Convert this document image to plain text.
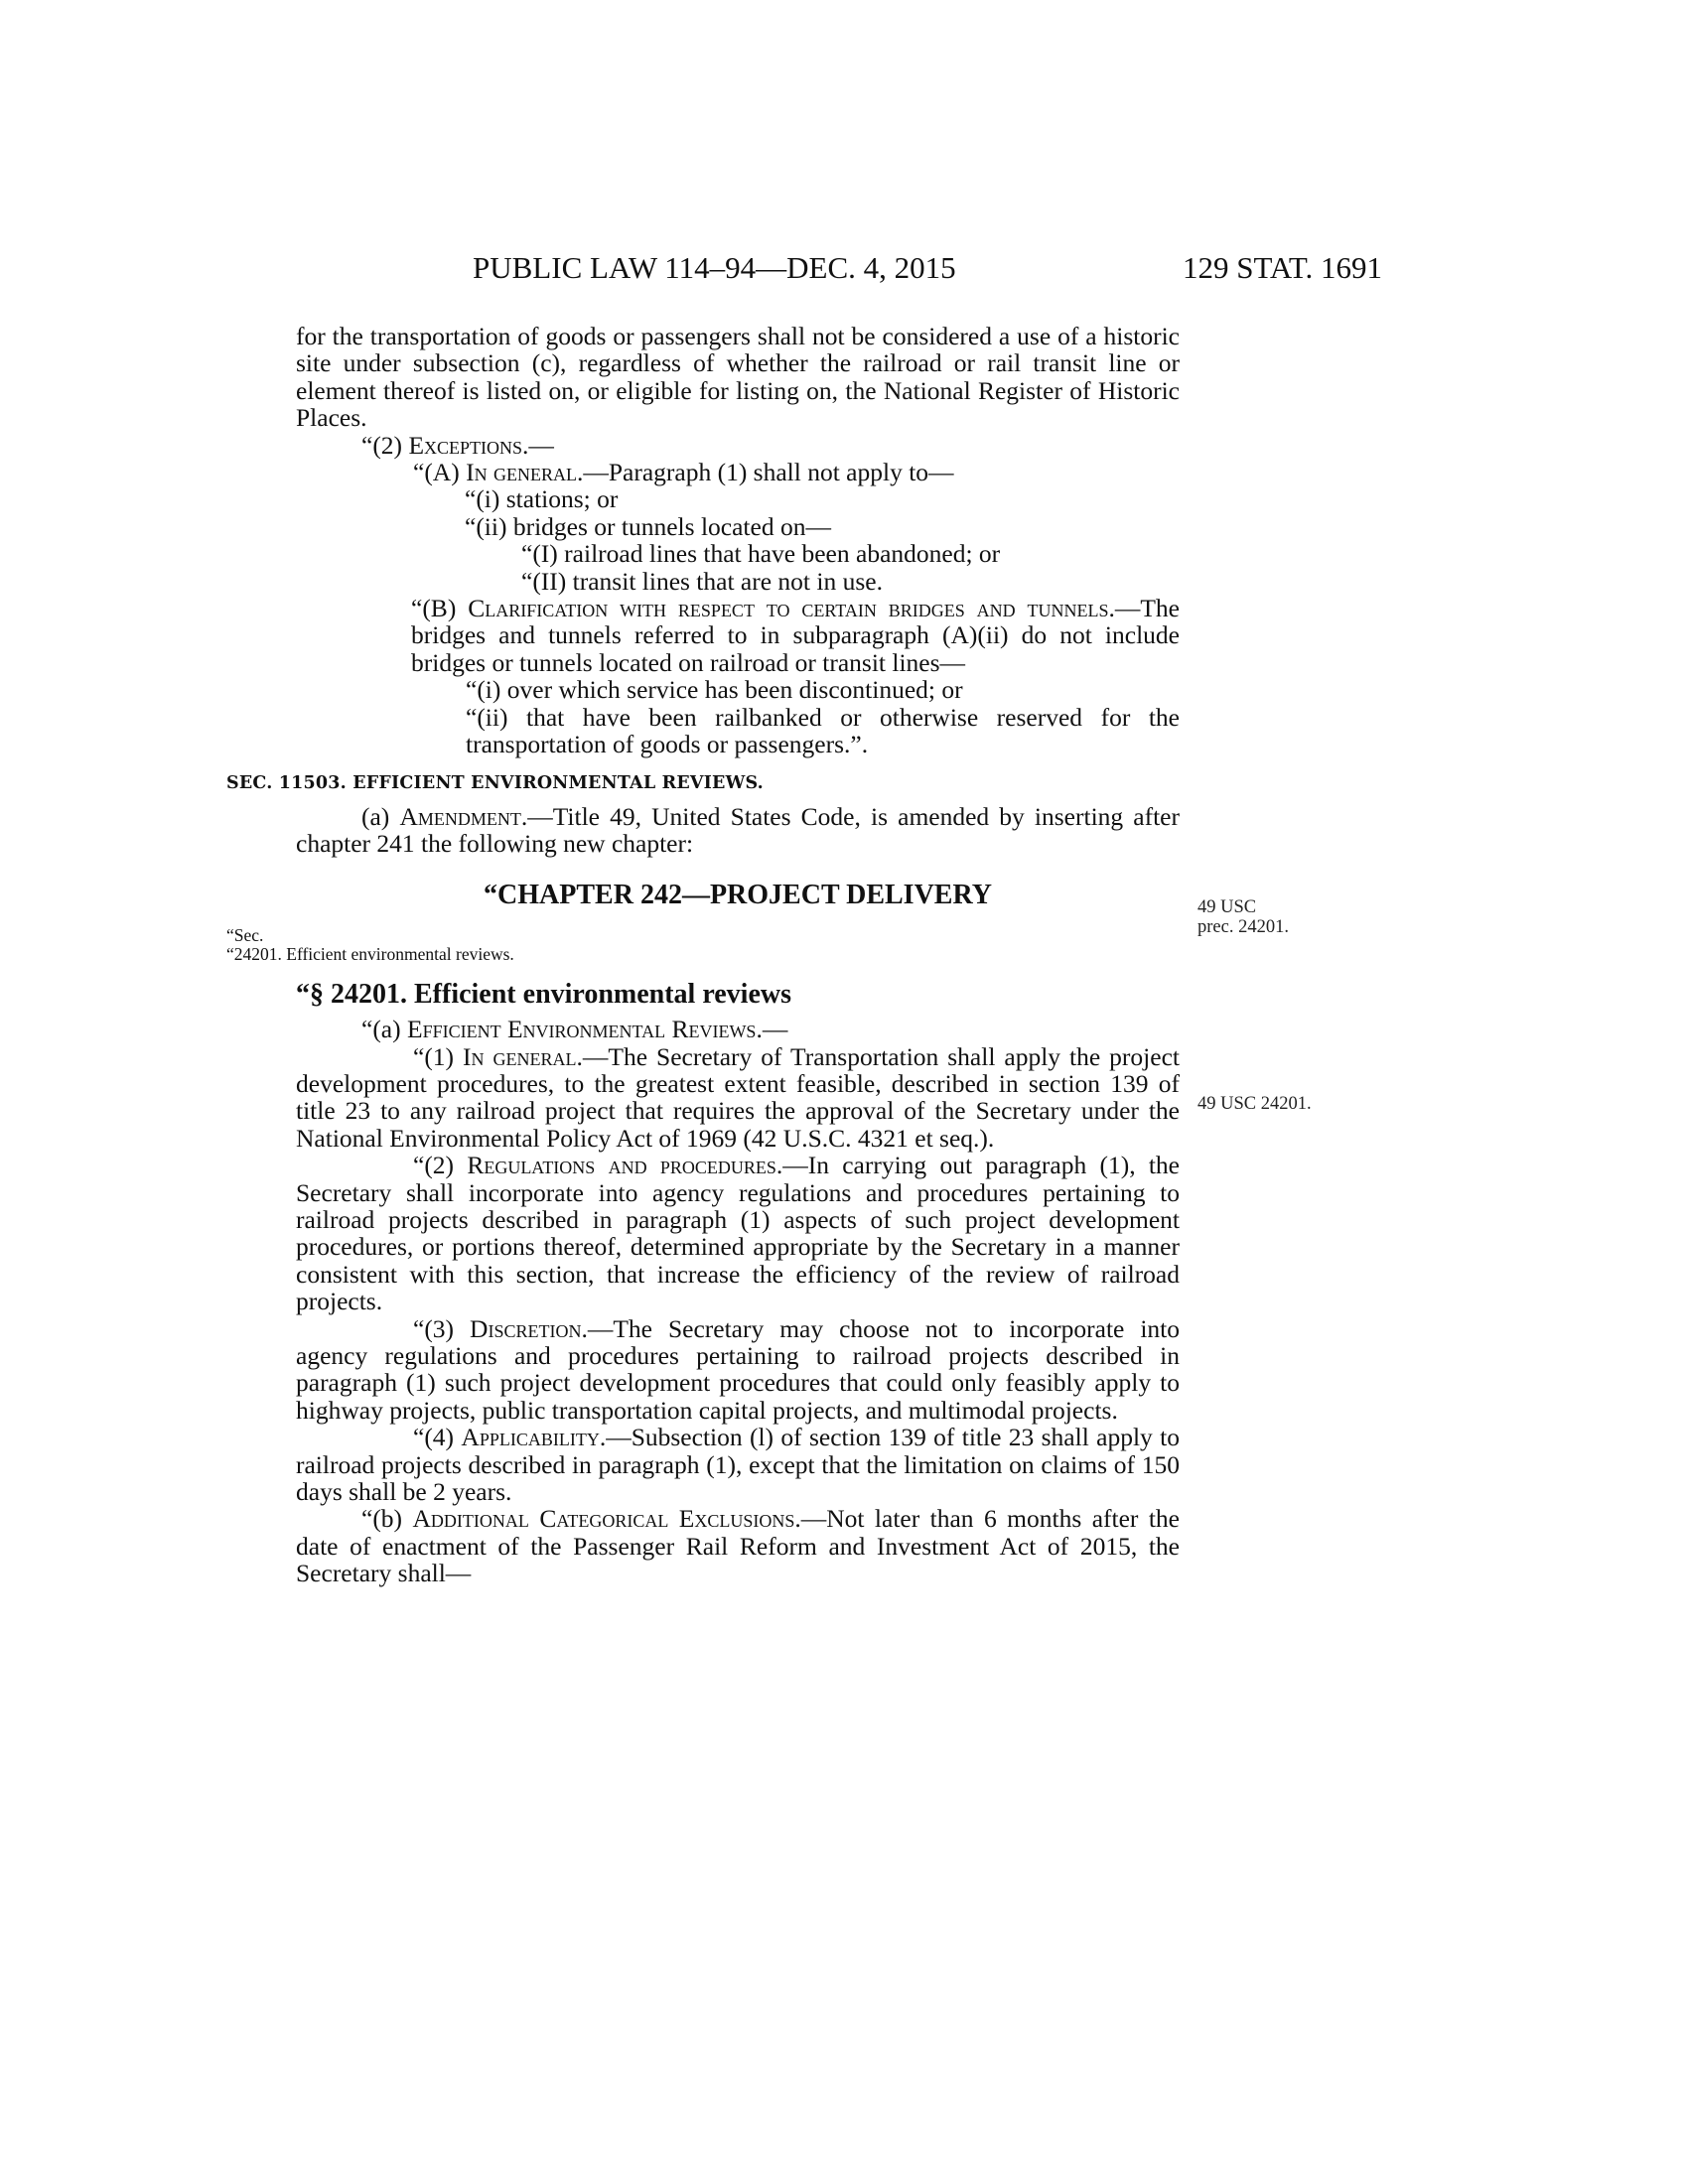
PUBLIC LAW 114–94—DEC. 4, 2015	129 STAT. 1691
49 USC
prec. 24201.
49 USC 24201.

for the transportation of goods or passengers shall not be considered a use of a historic site under subsection (c), regardless of whether the railroad or rail transit line or element thereof is listed on, or eligible for listing on, the National Register of Historic Places.

“(2) Exceptions.—

“(A) In general.—Paragraph (1) shall not apply to—

“(i) stations; or

“(ii) bridges or tunnels located on—

“(I) railroad lines that have been abandoned; or

“(II) transit lines that are not in use.

“(B) Clarification with respect to certain bridges and tunnels.—The bridges and tunnels referred to in subparagraph (A)(ii) do not include bridges or tunnels located on railroad or transit lines—

“(i) over which service has been discontinued; or

“(ii) that have been railbanked or otherwise reserved for the transportation of goods or passengers.”.

SEC. 11503. EFFICIENT ENVIRONMENTAL REVIEWS.

(a) Amendment.—Title 49, United States Code, is amended by inserting after chapter 241 the following new chapter:

“CHAPTER 242—PROJECT DELIVERY
“Sec.
“24201. Efficient environmental reviews.
“§ 24201. Efficient environmental reviews

“(a) Efficient Environmental Reviews.—

“(1) In general.—The Secretary of Transportation shall apply the project development procedures, to the greatest extent feasible, described in section 139 of title 23 to any railroad project that requires the approval of the Secretary under the National Environmental Policy Act of 1969 (42 U.S.C. 4321 et seq.).

“(2) Regulations and procedures.—In carrying out paragraph (1), the Secretary shall incorporate into agency regulations and procedures pertaining to railroad projects described in paragraph (1) aspects of such project development procedures, or portions thereof, determined appropriate by the Secretary in a manner consistent with this section, that increase the efficiency of the review of railroad projects.

“(3) Discretion.—The Secretary may choose not to incorporate into agency regulations and procedures pertaining to railroad projects described in paragraph (1) such project development procedures that could only feasibly apply to highway projects, public transportation capital projects, and multimodal projects.

“(4) Applicability.—Subsection (l) of section 139 of title 23 shall apply to railroad projects described in paragraph (1), except that the limitation on claims of 150 days shall be 2 years.

“(b) Additional Categorical Exclusions.—Not later than 6 months after the date of enactment of the Passenger Rail Reform and Investment Act of 2015, the Secretary shall—
